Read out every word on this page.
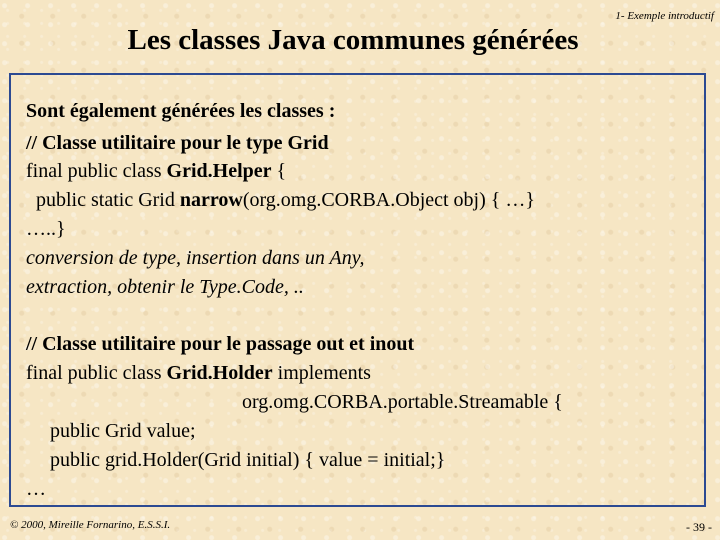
1- Exemple introductif
Les classes Java communes générées
Sont également générées les classes :
// Classe utilitaire pour le type Grid
final public class Grid.Helper {
public static Grid narrow(org.omg.CORBA.Object obj) { …}
…..}
conversion de type, insertion dans un Any,
extraction, obtenir le Type.Code, ..
// Classe utilitaire pour le passage out et inout
final public class Grid.Holder implements
org.omg.CORBA.portable.Streamable {
public Grid value;
public grid.Holder(Grid initial) { value = initial;}
…
© 2000, Mireille Fornarino, E.S.S.I.	- 39 -
